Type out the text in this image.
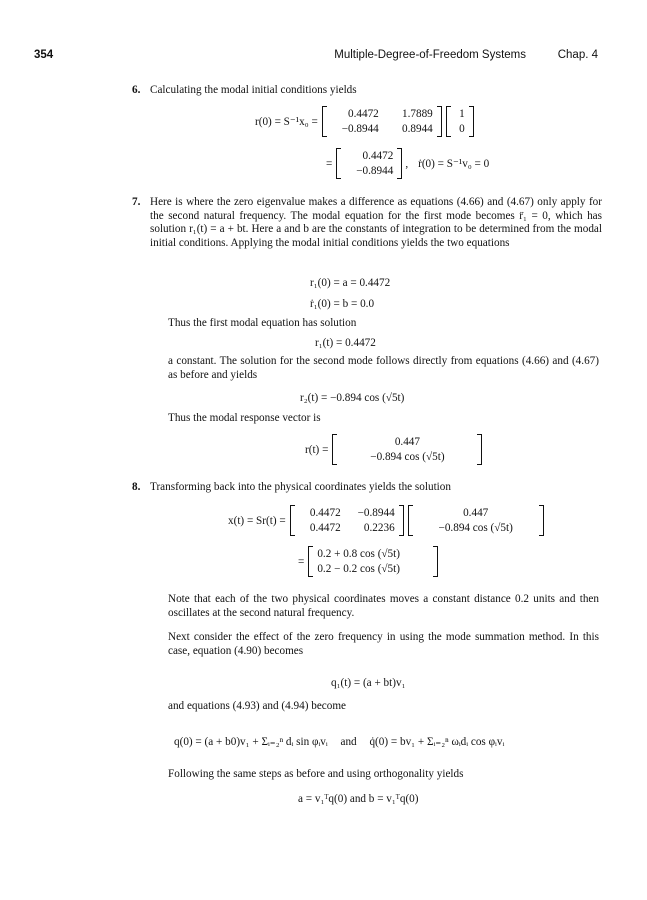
354	Multiple-Degree-of-Freedom Systems	Chap. 4
6. Calculating the modal initial conditions yields
r(0) = S⁻¹x₀ =
0.4472	1.7889
−0.8944	0.8944
1
0
=
0.4472
−0.8944
, ṙ(0) = S⁻¹v₀ = 0
7. Here is where the zero eigenvalue makes a difference as equations (4.66) and (4.67) only apply for the second natural frequency. The modal equation for the first mode becomes r̈₁ = 0, which has solution r₁(t) = a + bt. Here a and b are the constants of integration to be determined from the modal initial conditions. Applying the modal initial conditions yields the two equations
r₁(0) = a = 0.4472
ṙ₁(0) = b = 0.0
Thus the first modal equation has solution
r₁(t) = 0.4472
a constant. The solution for the second mode follows directly from equations (4.66) and (4.67) as before and yields
r₂(t) = −0.894 cos (√5t)
Thus the modal response vector is
r(t) =
0.447
−0.894 cos (√5t)
8. Transforming back into the physical coordinates yields the solution
x(t) = Sr(t) =
0.4472	−0.8944
0.4472	0.2236
0.447
−0.894 cos (√5t)
=
0.2 + 0.8 cos (√5t)
0.2 − 0.2 cos (√5t)
Note that each of the two physical coordinates moves a constant distance 0.2 units and then oscillates at the second natural frequency.
Next consider the effect of the zero frequency in using the mode summation method. In this case, equation (4.90) becomes
q₁(t) = (a + bt)v₁
and equations (4.93) and (4.94) become
q(0) = (a + b0)v₁ + Σᵢ₌₂ⁿ dᵢ sin φᵢvᵢ and q̇(0) = bv₁ + Σᵢ₌₂ⁿ ωᵢdᵢ cos φᵢvᵢ
Following the same steps as before and using orthogonality yields
a = v₁ᵀq(0) and b = v₁ᵀq(0)
